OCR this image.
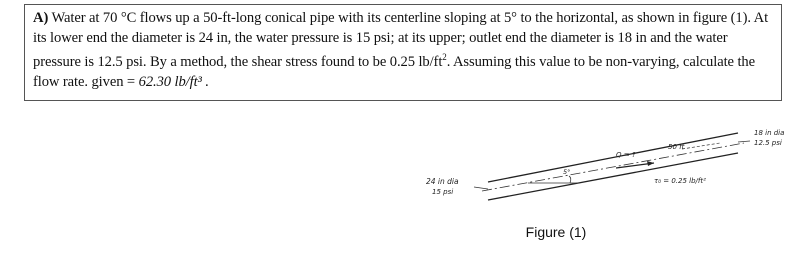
A) Water at 70 °C flows up a 50-ft-long conical pipe with its centerline sloping at 5° to the horizontal, as shown in figure (1). At its lower end the diameter is 24 in, the water pressure is 15 psi; at its upper; outlet end the diameter is 18 in and the water pressure is 12.5 psi. By a method, the shear stress found to be 0.25 $lb/ft^2$. Assuming this value to be non-varying, calculate the flow rate. given = 62.30 lb/ft³ .

24 in dia
15 psi
18 in dia
12.5 psi
50 ft
Q = ?
5°
τ₀ = 0.25 lb/ft²
Figure (1)
